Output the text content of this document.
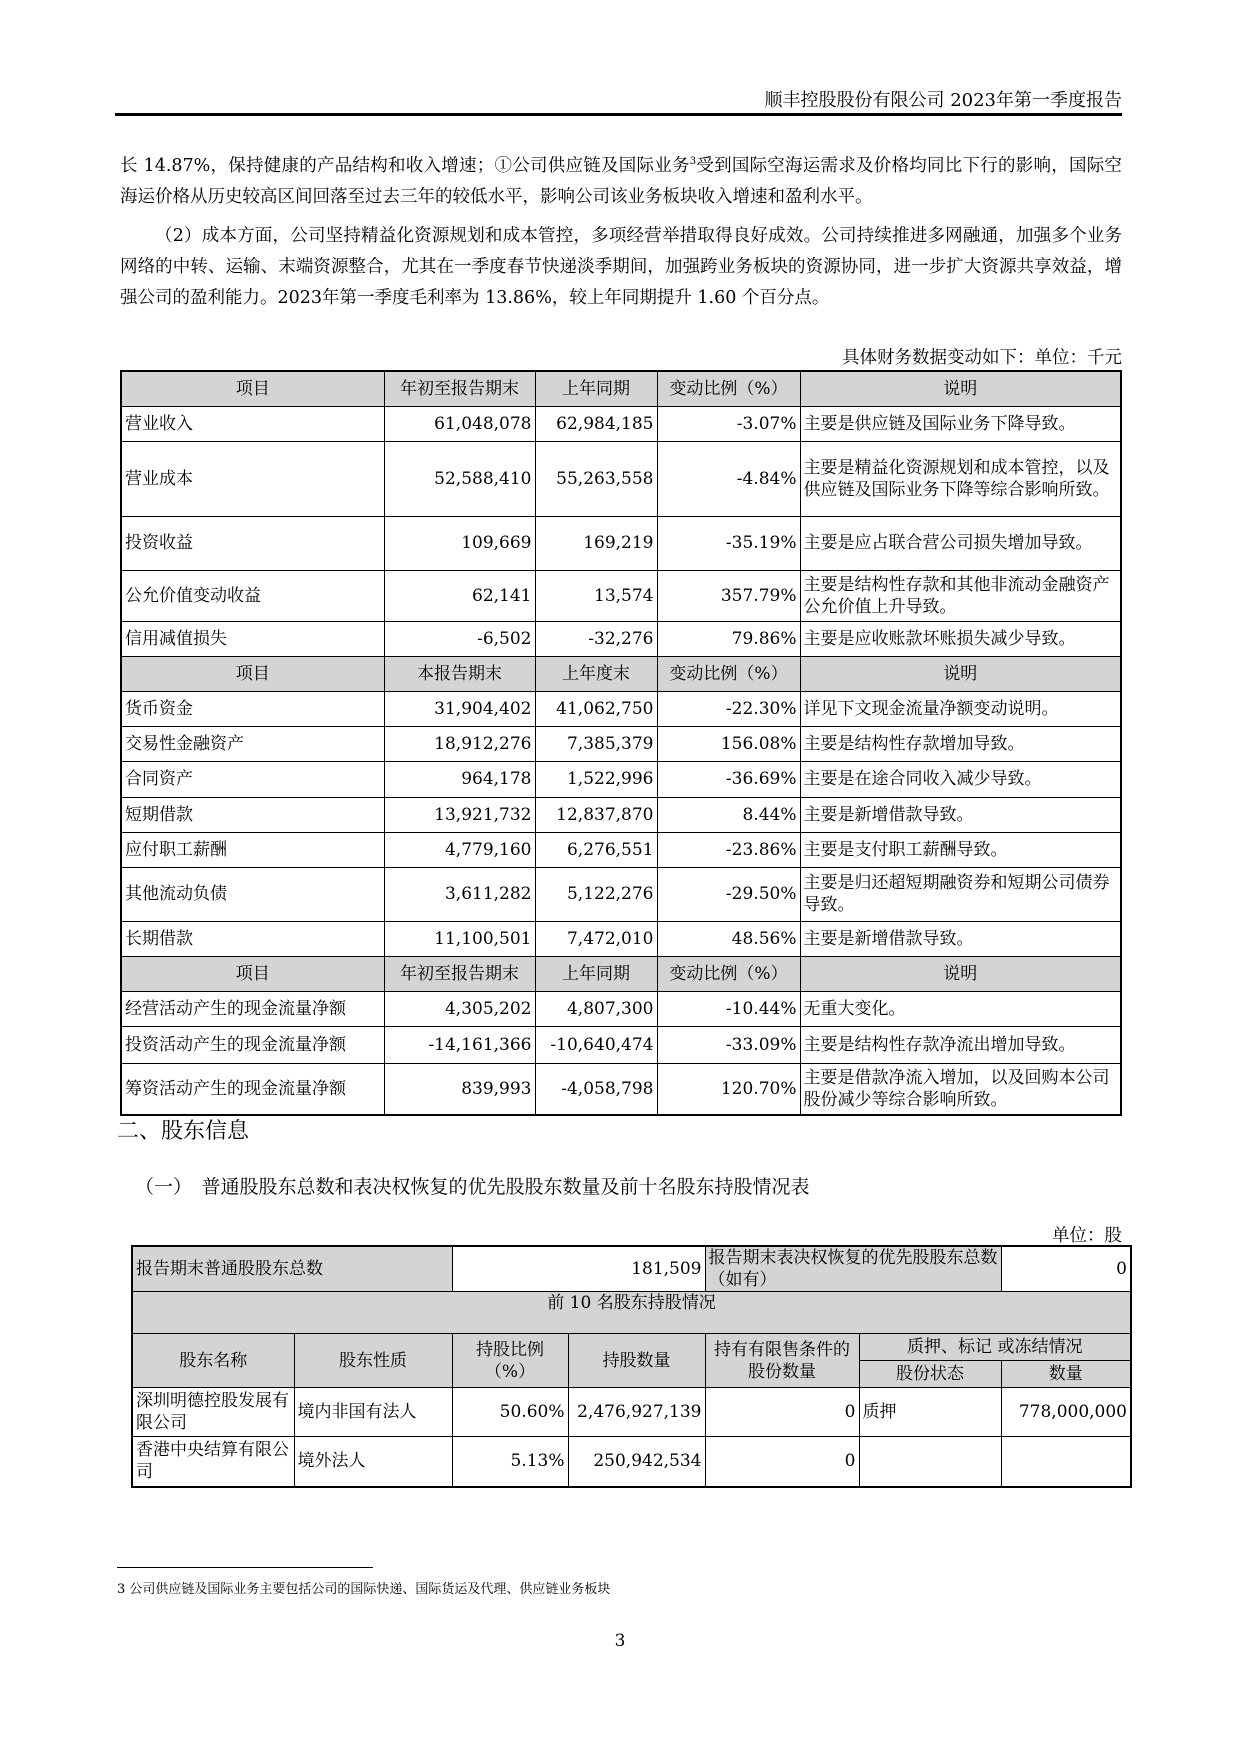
顺丰控股股份有限公司 2023年第一季度报告

长 14.87%，保持健康的产品结构和收入增速；①公司供应链及国际业务$^3$受到国际空海运需求及价格均同比下行的影响，国际空海运价格从历史较高区间回落至过去三年的较低水平，影响公司该业务板块收入增速和盈利水平。

（2）成本方面，公司坚持精益化资源规划和成本管控，多项经营举措取得良好成效。公司持续推进多网融通，加强多个业务网络的中转、运输、末端资源整合，尤其在一季度春节快递淡季期间，加强跨业务板块的资源协同，进一步扩大资源共享效益，增强公司的盈利能力。2023年第一季度毛利率为 13.86%，较上年同期提升 1.60 个百分点。

具体财务数据变动如下：单位：千元
项目	年初至报告期末	上年同期	变动比例（%）	说明
营业收入	61,048,078	62,984,185	-3.07%	主要是供应链及国际业务下降导致。
营业成本	52,588,410	55,263,558	-4.84%	主要是精益化资源规划和成本管控，以及供应链及国际业务下降等综合影响所致。
投资收益	109,669	169,219	-35.19%	主要是应占联合营公司损失增加导致。
公允价值变动收益	62,141	13,574	357.79%	主要是结构性存款和其他非流动金融资产公允价值上升导致。
信用减值损失	-6,502	-32,276	79.86%	主要是应收账款坏账损失减少导致。
项目	本报告期末	上年度末	变动比例（%）	说明
货币资金	31,904,402	41,062,750	-22.30%	详见下文现金流量净额变动说明。
交易性金融资产	18,912,276	7,385,379	156.08%	主要是结构性存款增加导致。
合同资产	964,178	1,522,996	-36.69%	主要是在途合同收入减少导致。
短期借款	13,921,732	12,837,870	8.44%	主要是新增借款导致。
应付职工薪酬	4,779,160	6,276,551	-23.86%	主要是支付职工薪酬导致。
其他流动负债	3,611,282	5,122,276	-29.50%	主要是归还超短期融资券和短期公司债券导致。
长期借款	11,100,501	7,472,010	48.56%	主要是新增借款导致。
项目	年初至报告期末	上年同期	变动比例（%）	说明
经营活动产生的现金流量净额	4,305,202	4,807,300	-10.44%	无重大变化。
投资活动产生的现金流量净额	-14,161,366	-10,640,474	-33.09%	主要是结构性存款净流出增加导致。
筹资活动产生的现金流量净额	839,993	-4,058,798	120.70%	主要是借款净流入增加，以及回购本公司股份减少等综合影响所致。
二、股东信息
（一）　普通股股东总数和表决权恢复的优先股股东数量及前十名股东持股情况表
单位：股
报告期末普通股股东总数		181,509		报告期末表决权恢复的优先股股东总数（如有）		0
前 10 名股东持股情况						
股东名称	股东性质	持股比例（%）	持股数量	持有有限售条件的股份数量	质押、标记 或冻结情况	
					股份状态	数量
深圳明德控股发展有限公司	境内非国有法人	50.60%	2,476,927,139	0	质押	778,000,000
香港中央结算有限公司	境外法人	5.13%	250,942,534	0		
3 公司供应链及国际业务主要包括公司的国际快递、国际货运及代理、供应链业务板块
3
